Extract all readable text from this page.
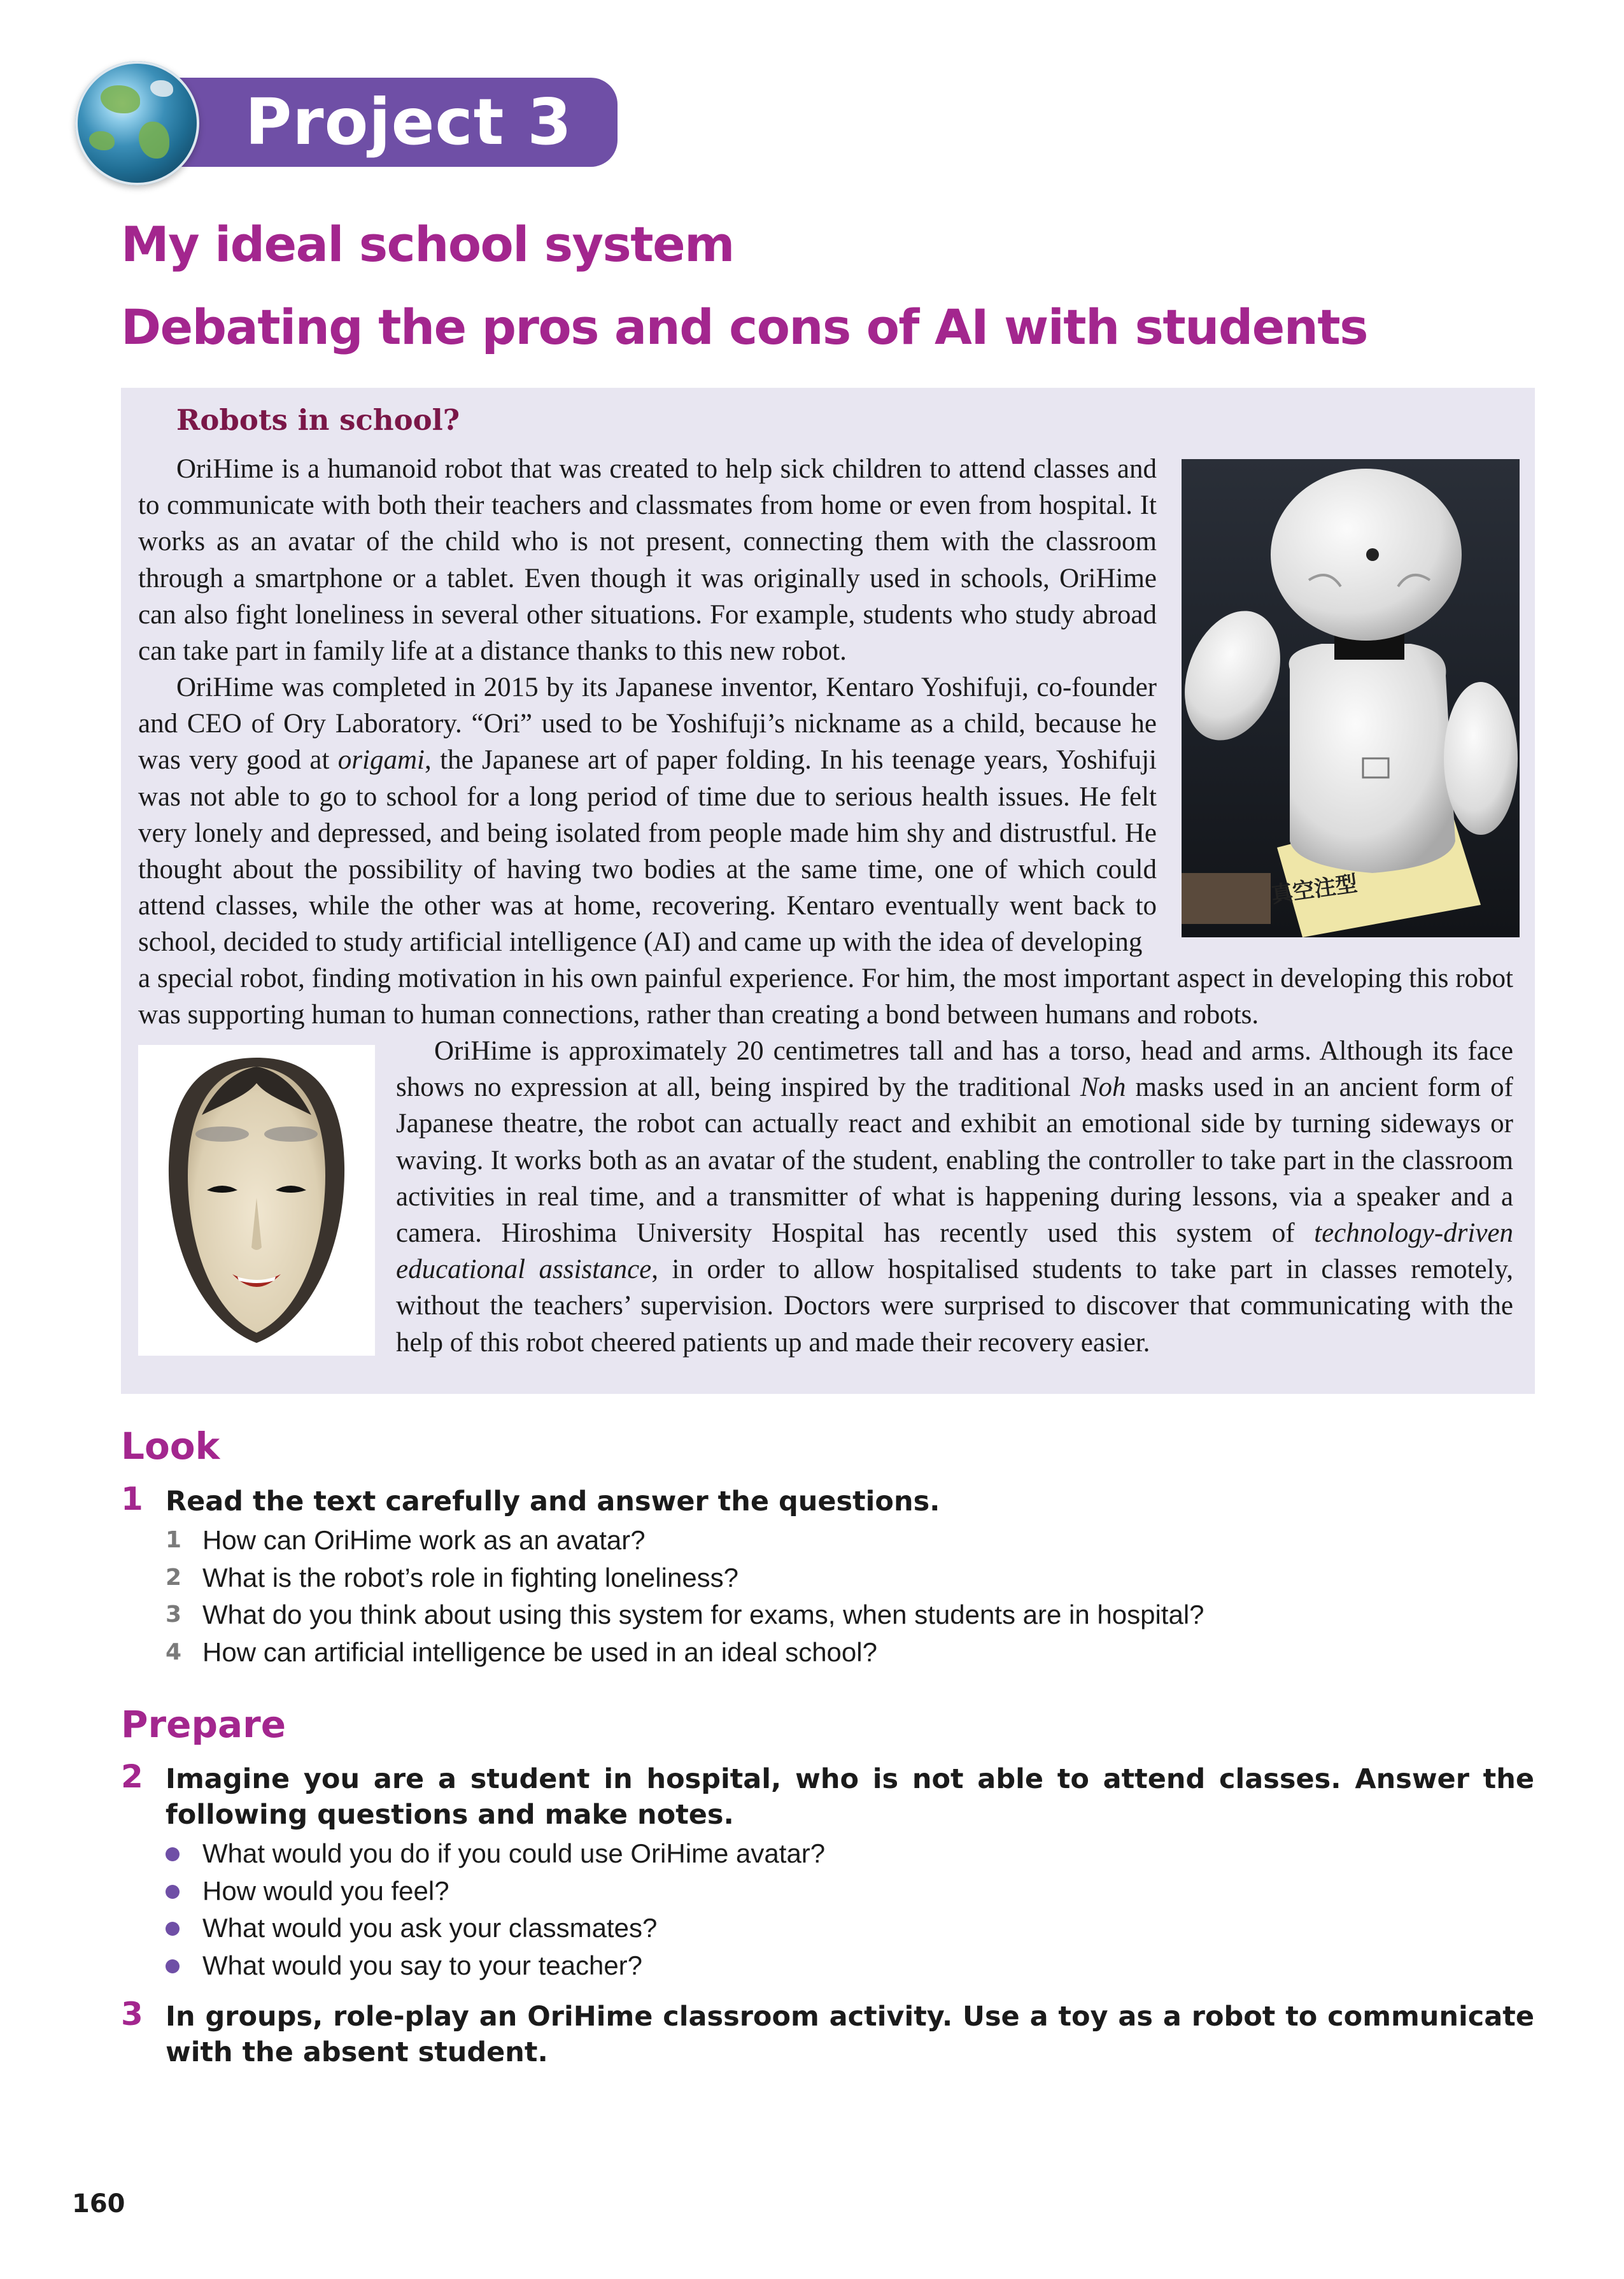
Project 3
My ideal school system
Debating the pros and cons of AI with students
Robots in school?

OriHime is a humanoid robot that was created to help sick children to attend classes and to communicate with both their teachers and classmates from home or even from hospital. It works as an avatar of the child who is not present, connecting them with the classroom through a smartphone or a tablet. Even though it was originally used in schools, OriHime can also fight loneliness in several other situations. For example, students who study abroad can take part in family life at a distance thanks to this new robot.

OriHime was completed in 2015 by its Japanese inventor, Kentaro Yoshifuji, co-founder and CEO of Ory Laboratory. “Ori” used to be Yoshifuji’s nickname as a child, because he was very good at origami, the Japanese art of paper folding. In his teenage years, Yoshifuji was not able to go to school for a long period of time due to serious health issues. He felt very lonely and depressed, and being isolated from people made him shy and distrustful. He thought about the possibility of having two bodies at the same time, one of which could attend classes, while the other was at home, recovering. Kentaro eventually went back to school, decided to study artificial intelligence (AI) and came up with the idea of developing

a special robot, finding motivation in his own painful experience. For him, the most important aspect in developing this robot was supporting human to human connections, rather than creating a bond between humans and robots.

OriHime is approximately 20 centimetres tall and has a torso, head and arms. Although its face shows no expression at all, being inspired by the traditional Noh masks used in an ancient form of Japanese theatre, the robot can actually react and exhibit an emotional side by turning sideways or waving. It works both as an avatar of the student, enabling the controller to take part in the classroom activities in real time, and a transmitter of what is happening during lessons, via a speaker and a camera. Hiroshima University Hospital has recently used this system of technology-driven educational assistance, in order to allow hospitalised students to take part in classes remotely, without the teachers’ supervision. Doctors were surprised to discover that communicating with the help of this robot cheered patients up and made their recovery easier.

真空注型
Look
1 Read the text carefully and answer the questions.
1 How can OriHime work as an avatar?
2 What is the robot’s role in fighting loneliness?
3 What do you think about using this system for exams, when students are in hospital?
4 How can artificial intelligence be used in an ideal school?
Prepare
2 Imagine you are a student in hospital, who is not able to attend classes. Answer the following questions and make notes.
What would you do if you could use OriHime avatar?
How would you feel?
What would you ask your classmates?
What would you say to your teacher?
3 In groups, role-play an OriHime classroom activity. Use a toy as a robot to communicate with the absent student.
160
